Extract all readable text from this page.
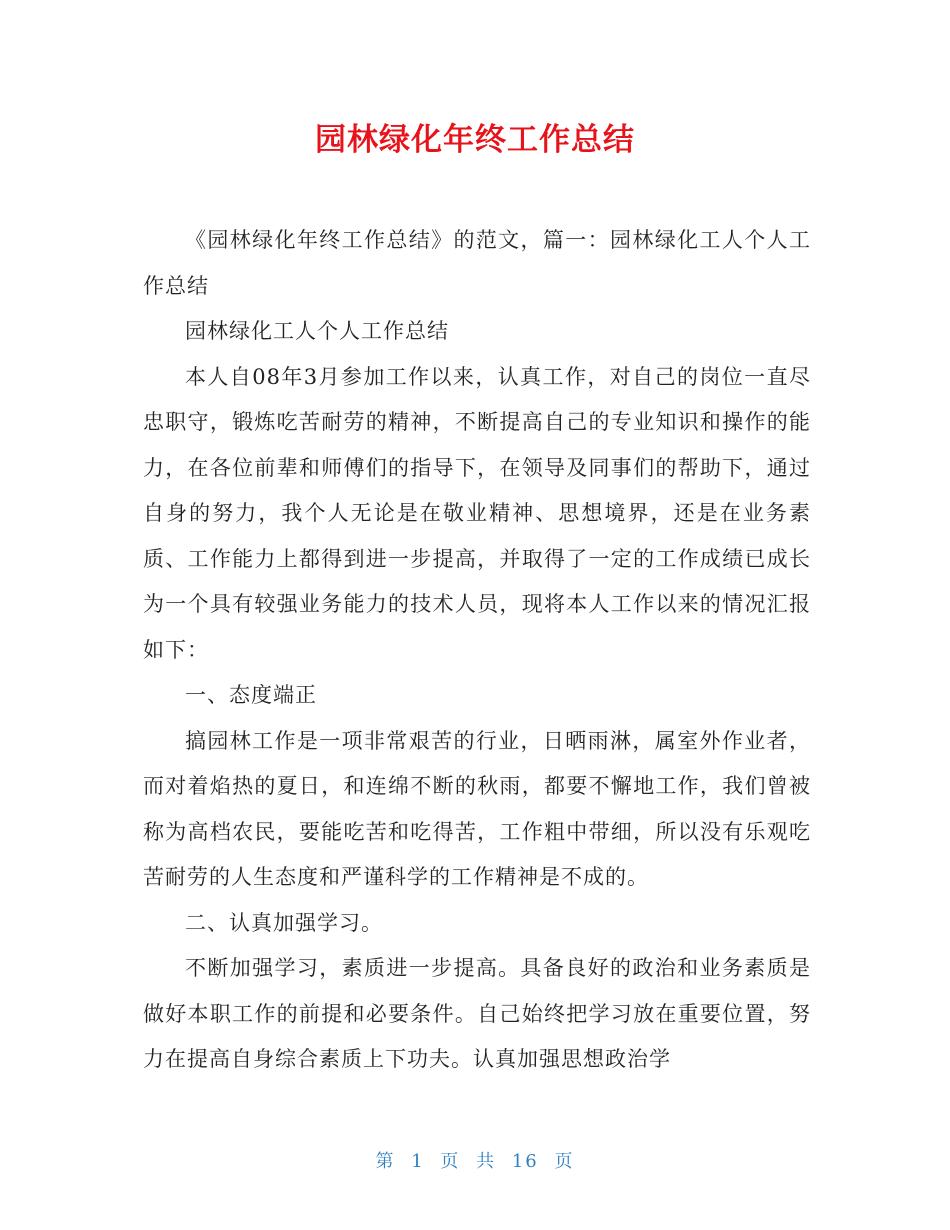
园林绿化年终工作总结

《园林绿化年终工作总结》的范文，篇一：园林绿化工人个人工作总结

园林绿化工人个人工作总结

本人自08年3月参加工作以来，认真工作，对自己的岗位一直尽忠职守，锻炼吃苦耐劳的精神，不断提高自己的专业知识和操作的能力，在各位前辈和师傅们的指导下，在领导及同事们的帮助下，通过自身的努力，我个人无论是在敬业精神、思想境界，还是在业务素质、工作能力上都得到进一步提高，并取得了一定的工作成绩已成长为一个具有较强业务能力的技术人员，现将本人工作以来的情况汇报如下：

一、态度端正

搞园林工作是一项非常艰苦的行业，日晒雨淋，属室外作业者，而对着焰热的夏日，和连绵不断的秋雨，都要不懈地工作，我们曾被称为高档农民，要能吃苦和吃得苦，工作粗中带细，所以没有乐观吃苦耐劳的人生态度和严谨科学的工作精神是不成的。

二、认真加强学习。

不断加强学习，素质进一步提高。具备良好的政治和业务素质是做好本职工作的前提和必要条件。自己始终把学习放在重要位置，努力在提高自身综合素质上下功夫。认真加强思想政治学

第 1 页 共 16 页
